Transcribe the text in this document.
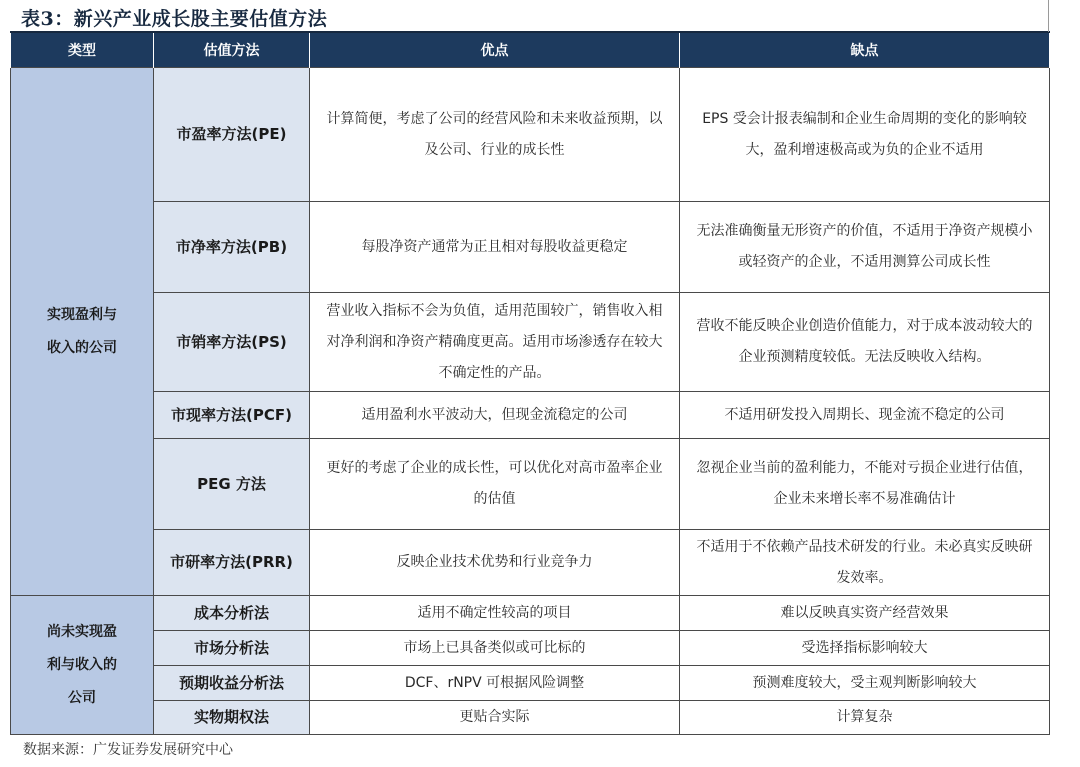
表3：新兴产业成长股主要估值方法
类型	估值方法	优点	缺点
实现盈利与收入的公司	市盈率方法(PE)	计算简便，考虑了公司的经营风险和未来收益预期，以及公司、行业的成长性	EPS 受会计报表编制和企业生命周期的变化的影响较大，盈利增速极高或为负的企业不适用
	市净率方法(PB)	每股净资产通常为正且相对每股收益更稳定	无法准确衡量无形资产的价值，不适用于净资产规模小或轻资产的企业，不适用测算公司成长性
	市销率方法(PS)	营业收入指标不会为负值，适用范围较广，销售收入相对净利润和净资产精确度更高。适用市场渗透存在较大不确定性的产品。	营收不能反映企业创造价值能力，对于成本波动较大的企业预测精度较低。无法反映收入结构。
	市现率方法(PCF)	适用盈利水平波动大，但现金流稳定的公司	不适用研发投入周期长、现金流不稳定的公司
	PEG 方法	更好的考虑了企业的成长性，可以优化对高市盈率企业的估值	忽视企业当前的盈利能力，不能对亏损企业进行估值，企业未来增长率不易准确估计
	市研率方法(PRR)	反映企业技术优势和行业竞争力	不适用于不依赖产品技术研发的行业。未必真实反映研发效率。
尚未实现盈利与收入的公司	成本分析法	适用不确定性较高的项目	难以反映真实资产经营效果
	市场分析法	市场上已具备类似或可比标的	受选择指标影响较大
	预期收益分析法	DCF、rNPV 可根据风险调整	预测难度较大，受主观判断影响较大
	实物期权法	更贴合实际	计算复杂
数据来源：广发证券发展研究中心
